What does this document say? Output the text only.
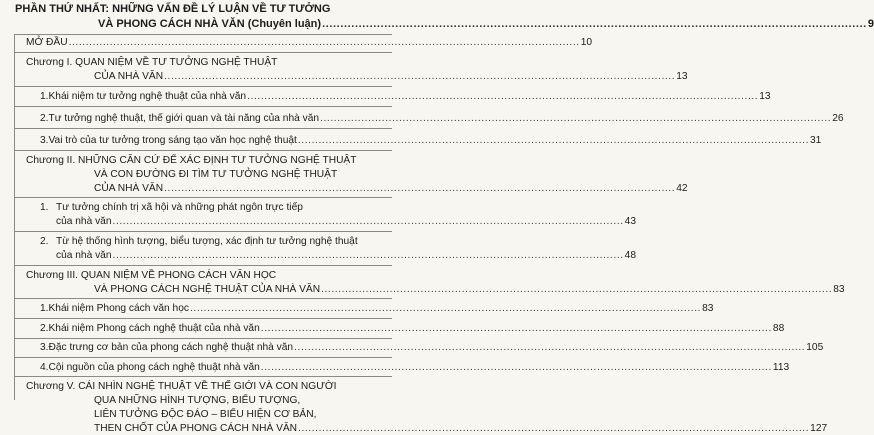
PHẦN THỨ NHẤT: NHỮNG VẤN ĐỀ LÝ LUẬN VỀ TƯ TƯỞNG
VÀ PHONG CÁCH NHÀ VĂN (Chuyên luận) ..................................................................................................................................................... 9
MỞ ĐẦU ..................................................................................................................................................... 10
Chương I. QUAN NIỆM VỀ TƯ TƯỞNG NGHỆ THUẬT
CỦA NHÀ VĂN ..................................................................................................................................................... 13
1. Khái niệm tư tưởng nghệ thuật của nhà văn ..................................................................................................................................................... 13
2. Tư tưởng nghệ thuật, thế giới quan và tài năng của nhà văn ..................................................................................................................................................... 26
3. Vai trò của tư tưởng trong sáng tạo văn học nghệ thuật ..................................................................................................................................................... 31
Chương II. NHỮNG CĂN CỨ ĐỂ XÁC ĐỊNH TƯ TƯỞNG NGHỆ THUẬT
VÀ CON ĐƯỜNG ĐI TÌM TƯ TƯỞNG NGHỆ THUẬT
CỦA NHÀ VĂN ..................................................................................................................................................... 42
1. Tư tưởng chính trị xã hội và những phát ngôn trực tiếp
của nhà văn ..................................................................................................................................................... 43
2. Từ hệ thống hình tượng, biểu tượng, xác định tư tưởng nghệ thuật
của nhà văn ..................................................................................................................................................... 48
Chương III. QUAN NIỆM VỀ PHONG CÁCH VĂN HỌC
VÀ PHONG CÁCH NGHỆ THUẬT CỦA NHÀ VĂN ..................................................................................................................................................... 83
1. Khái niệm Phong cách văn học ..................................................................................................................................................... 83
2. Khái niệm Phong cách nghệ thuật của nhà văn ..................................................................................................................................................... 88
3. Đặc trưng cơ bản của phong cách nghệ thuật nhà văn ..................................................................................................................................................... 105
4. Cội nguồn của phong cách nghệ thuật nhà văn ..................................................................................................................................................... 113
Chương V. CÁI NHÌN NGHỆ THUẬT VỀ THẾ GIỚI VÀ CON NGƯỜI
QUA NHỮNG HÌNH TƯỢNG, BIỂU TƯỢNG,
LIÊN TƯỞNG ĐỘC ĐÁO – BIỂU HIỆN CƠ BẢN,
THEN CHỐT CỦA PHONG CÁCH NHÀ VĂN ..................................................................................................................................................... 127
